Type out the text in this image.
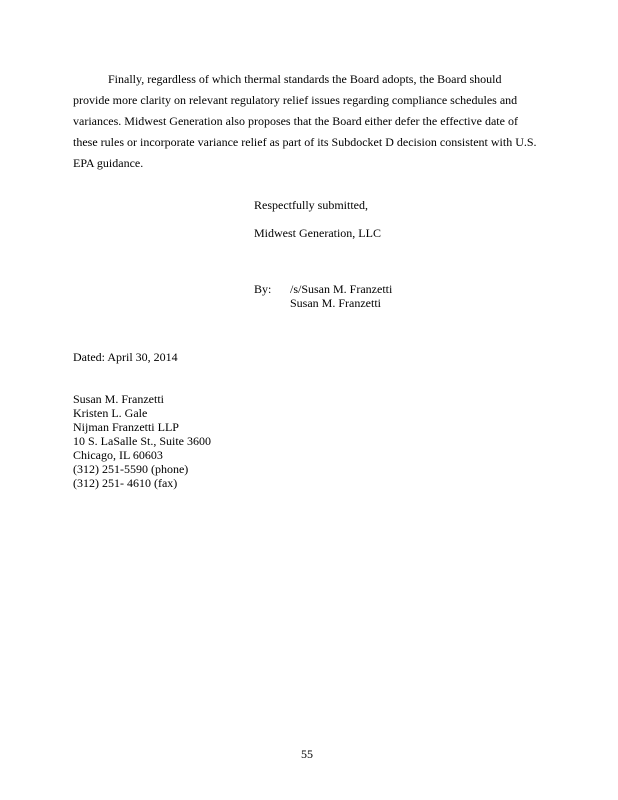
Finally, regardless of which thermal standards the Board adopts, the Board should
provide more clarity on relevant regulatory relief issues regarding compliance schedules and
variances. Midwest Generation also proposes that the Board either defer the effective date of
these rules or incorporate variance relief as part of its Subdocket D decision consistent with U.S.
EPA guidance.
Respectfully submitted,
Midwest Generation, LLC
By: /s/Susan M. Franzetti
Susan M. Franzetti
Dated: April 30, 2014
Susan M. Franzetti
Kristen L. Gale
Nijman Franzetti LLP
10 S. LaSalle St., Suite 3600
Chicago, IL 60603
(312) 251-5590 (phone)
(312) 251- 4610 (fax)
55
